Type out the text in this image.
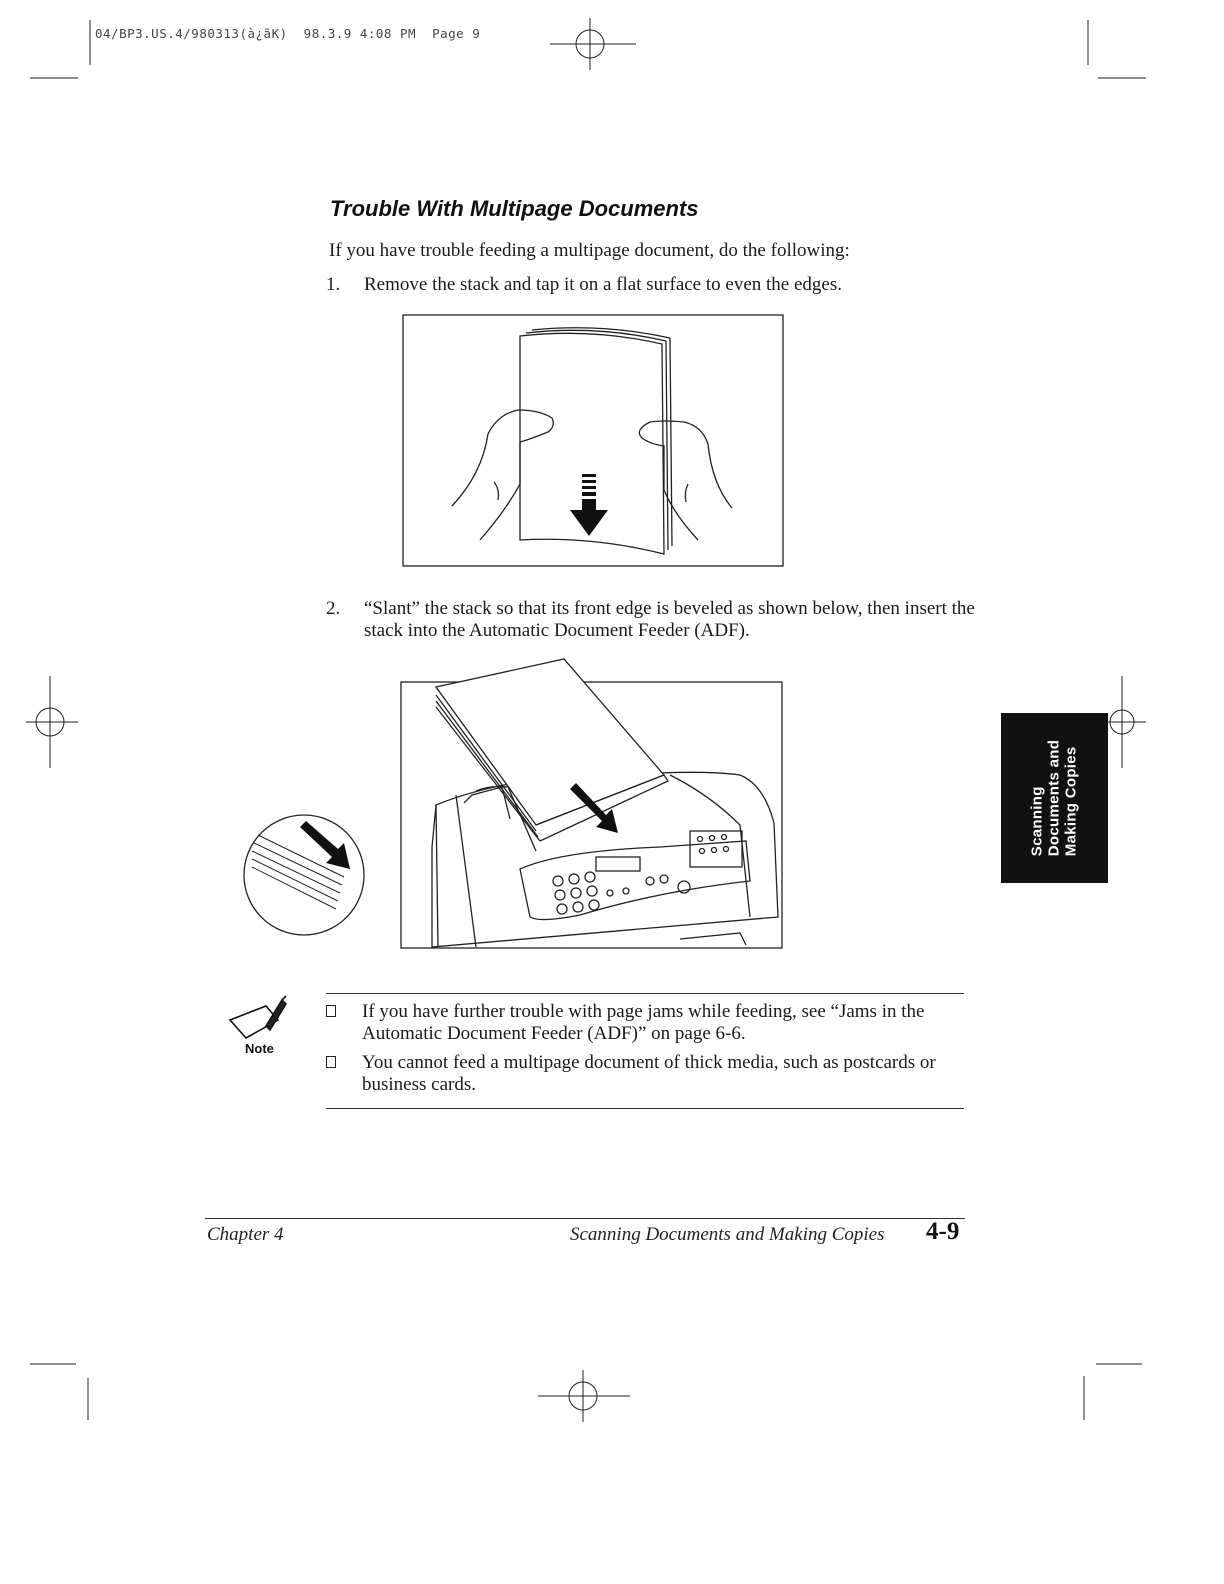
04/BP3.US.4/980313(à¿ãK)  98.3.9 4:08 PM  Page 9
Trouble With Multipage Documents
If you have trouble feeding a multipage document, do the following:
1.	Remove the stack and tap it on a flat surface to even the edges.
2.	“Slant” the stack so that its front edge is beveled as shown below, then insert the stack into the Automatic Document Feeder (ADF).
Scanning Documents and Making Copies
Note
If you have further trouble with page jams while feeding, see “Jams in the Automatic Document Feeder (ADF)” on page 6-6.
You cannot feed a multipage document of thick media, such as postcards or business cards.
Chapter 4	Scanning Documents and Making Copies 4-9
